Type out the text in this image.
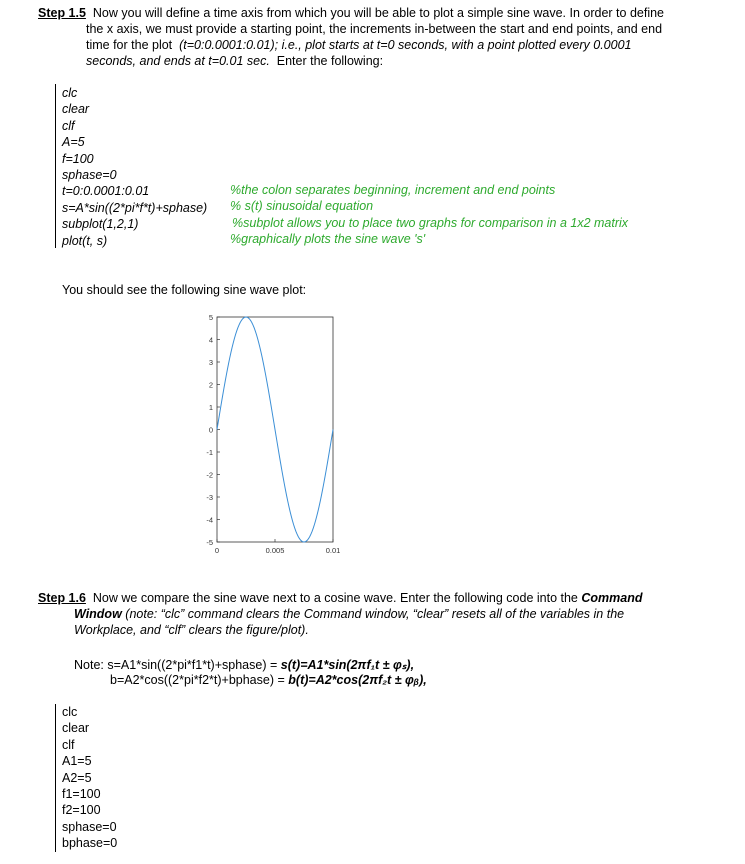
Step 1.5 Now you will define a time axis from which you will be able to plot a simple sine wave. In order to define
the x axis, we must provide a starting point, the increments in-between the start and end points, and end
time for the plot (t=0:0.0001:0.01); i.e., plot starts at t=0 seconds, with a point plotted every 0.0001
seconds, and ends at t=0.01 sec. Enter the following:
clc
clear
clf
A=5
f=100
sphase=0
t=0:0.0001:0.01
s=A*sin((2*pi*f*t)+sphase)
subplot(1,2,1)
plot(t, s)
%the colon separates beginning, increment and end points
% s(t) sinusoidal equation
%subplot allows you to place two graphs for comparison in a 1x2 matrix
%graphically plots the sine wave 's'
You should see the following sine wave plot:
5
4
3
2
1
0
-1
-2
-3
-4
-5
0	0.005	0.01
Step 1.6 Now we compare the sine wave next to a cosine wave. Enter the following code into the Command
Window (note: “clc” command clears the Command window, “clear” resets all of the variables in the
Workplace, and “clf” clears the figure/plot).
Note: s=A1*sin((2*pi*f1*t)+sphase) = s(t)=A1*sin(2πf₁t ± φₛ),
b=A2*cos((2*pi*f2*t)+bphase) = b(t)=A2*cos(2πf₂t ± φᵦ),
clc
clear
clf
A1=5
A2=5
f1=100
f2=100
sphase=0
bphase=0
